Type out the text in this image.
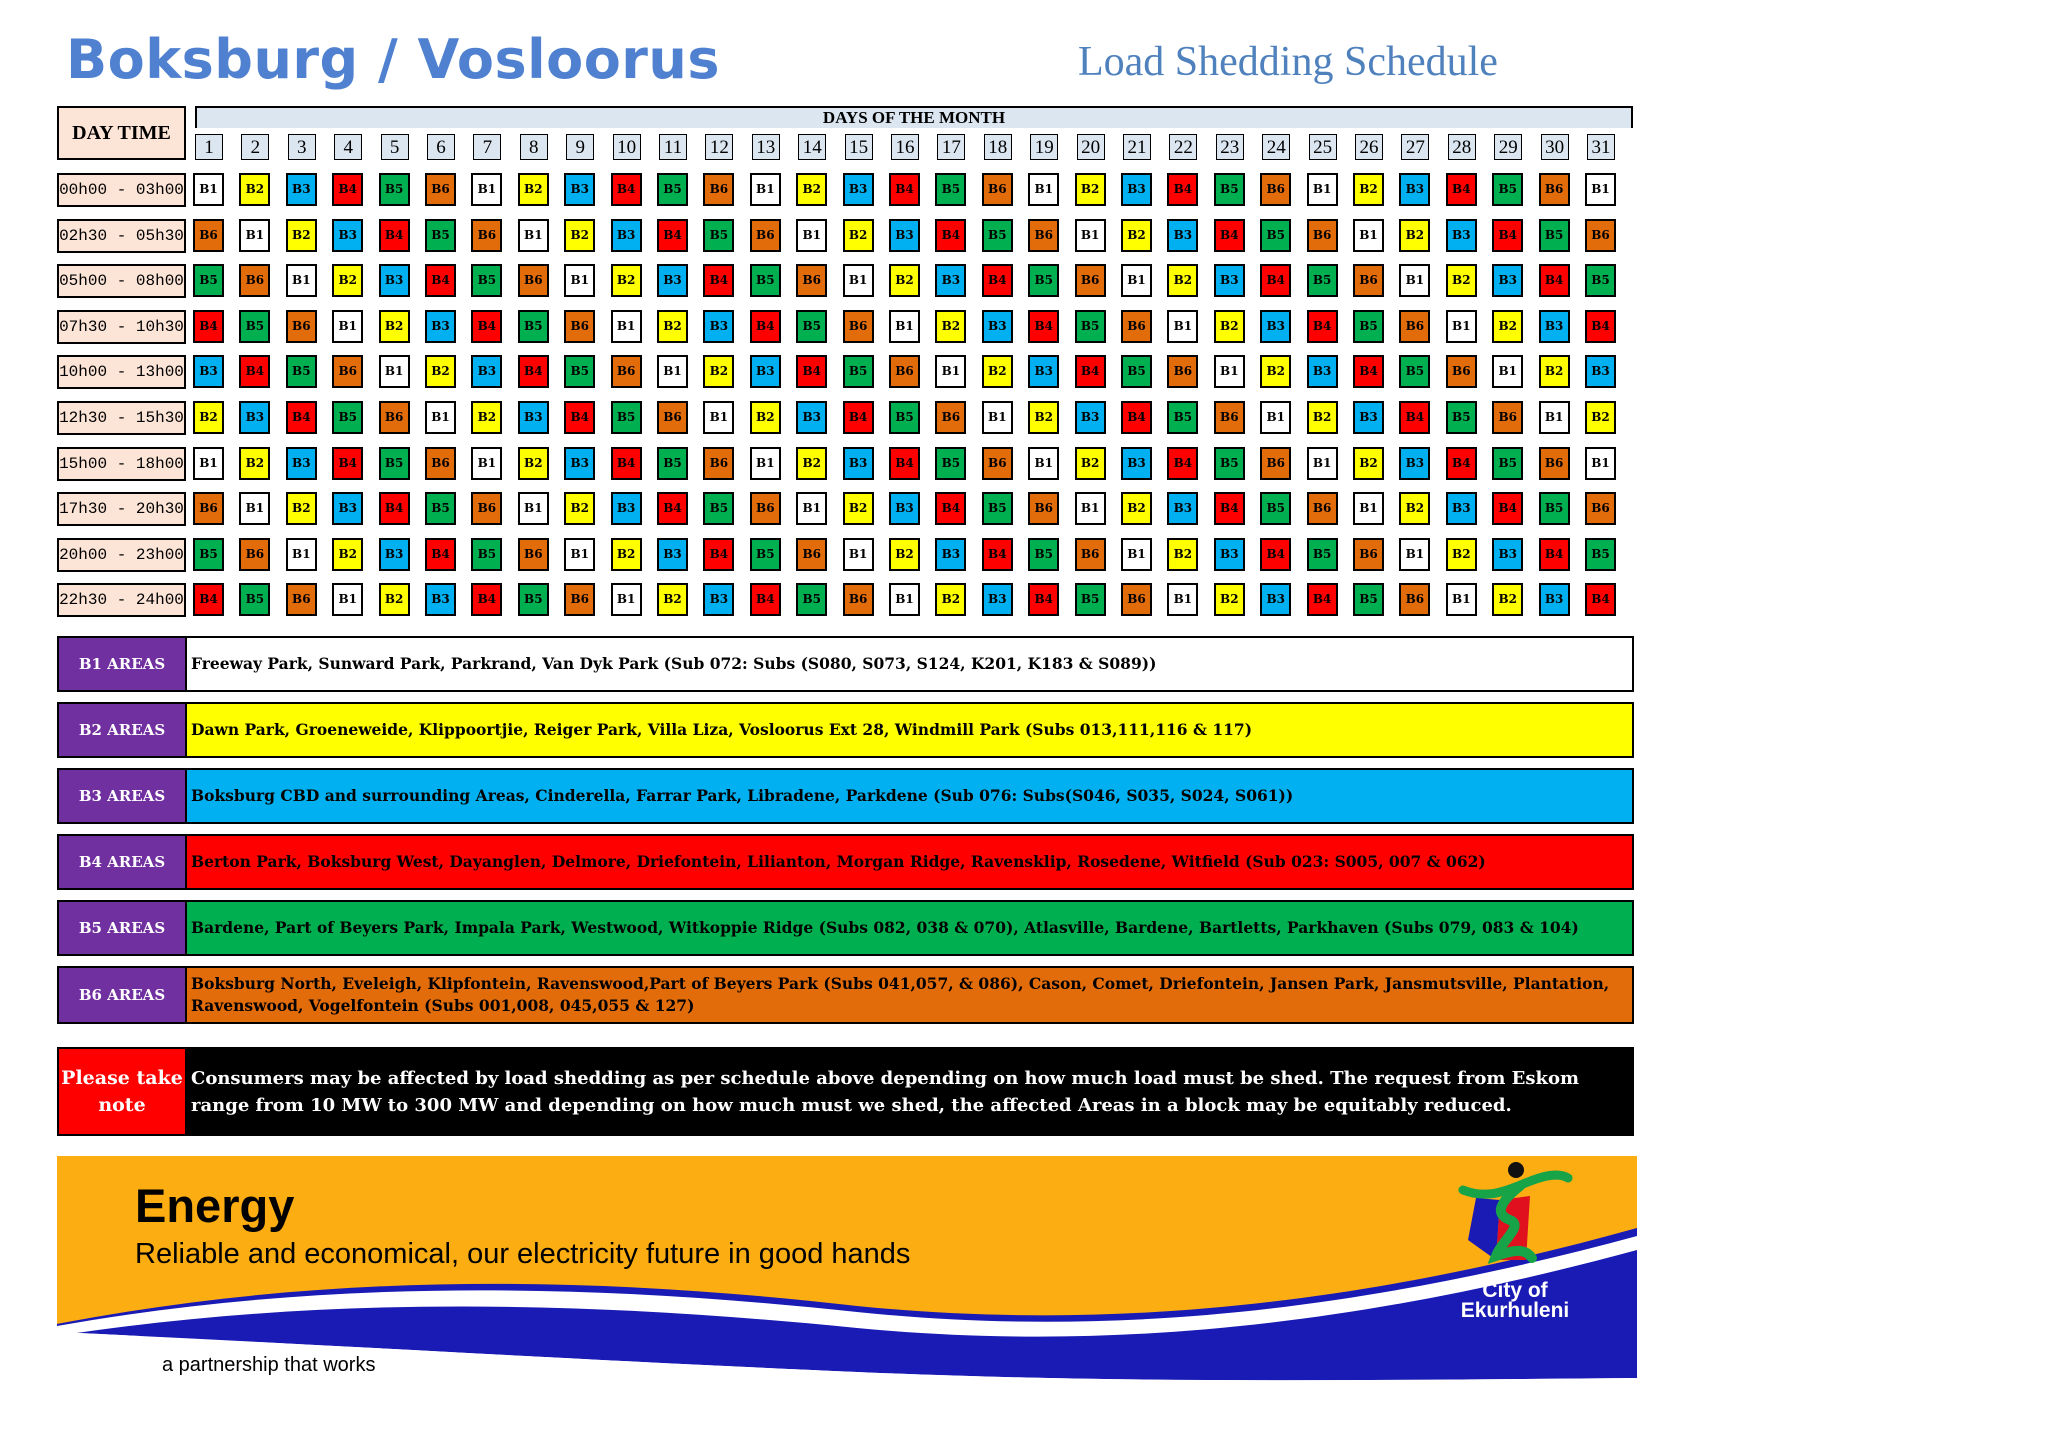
Boksburg / Vosloorus	Load Shedding Schedule
DAY TIME
DAYS OF THE MONTH
1	2	3	4	5	6	7	8	9	10 11 12 13 14 15 16 17 18 19 20 21 22 23 24 25 26 27 28 29 30 31
00h00 - 03h00	B1	B2	B3	B4	B5	B6	B1	B2	B3	B4	B5	B6	B1	B2	B3	B4	B5	B6	B1	B2	B3	B4	B5	B6	B1	B2	B3	B4	B5	B6	B1
02h30 - 05h30	B6	B1	B2	B3	B4	B5	B6	B1	B2	B3	B4	B5	B6	B1	B2	B3	B4	B5	B6	B1	B2	B3	B4	B5	B6	B1	B2	B3	B4	B5	B6
05h00 - 08h00	B5	B6	B1	B2	B3	B4	B5	B6	B1	B2	B3	B4	B5	B6	B1	B2	B3	B4	B5	B6	B1	B2	B3	B4	B5	B6	B1	B2	B3	B4	B5
07h30 - 10h30	B4	B5	B6	B1	B2	B3	B4	B5	B6	B1	B2	B3	B4	B5	B6	B1	B2	B3	B4	B5	B6	B1	B2	B3	B4	B5	B6	B1	B2	B3	B4
10h00 - 13h00	B3	B4	B5	B6	B1	B2	B3	B4	B5	B6	B1	B2	B3	B4	B5	B6	B1	B2	B3	B4	B5	B6	B1	B2	B3	B4	B5	B6	B1	B2	B3
12h30 - 15h30	B2	B3	B4	B5	B6	B1	B2	B3	B4	B5	B6	B1	B2	B3	B4	B5	B6	B1	B2	B3	B4	B5	B6	B1	B2	B3	B4	B5	B6	B1	B2
15h00 - 18h00	B1	B2	B3	B4	B5	B6	B1	B2	B3	B4	B5	B6	B1	B2	B3	B4	B5	B6	B1	B2	B3	B4	B5	B6	B1	B2	B3	B4	B5	B6	B1
17h30 - 20h30	B6	B1	B2	B3	B4	B5	B6	B1	B2	B3	B4	B5	B6	B1	B2	B3	B4	B5	B6	B1	B2	B3	B4	B5	B6	B1	B2	B3	B4	B5	B6
20h00 - 23h00	B5	B6	B1	B2	B3	B4	B5	B6	B1	B2	B3	B4	B5	B6	B1	B2	B3	B4	B5	B6	B1	B2	B3	B4	B5	B6	B1	B2	B3	B4	B5
22h30 - 24h00	B4	B5	B6	B1	B2	B3	B4	B5	B6	B1	B2	B3	B4	B5	B6	B1	B2	B3	B4	B5	B6	B1	B2	B3	B4	B5	B6	B1	B2	B3	B4
B1 AREAS	Freeway Park, Sunward Park, Parkrand, Van Dyk Park (Sub 072: Subs (S080, S073, S124, K201, K183 & S089))
B2 AREAS	Dawn Park, Groeneweide, Klippoortjie, Reiger Park, Villa Liza, Vosloorus Ext 28, Windmill Park (Subs 013,111,116 & 117)
B3 AREAS	Boksburg CBD and surrounding Areas, Cinderella, Farrar Park, Libradene, Parkdene (Sub 076: Subs(S046, S035, S024, S061))
B4 AREAS	Berton Park, Boksburg West, Dayanglen, Delmore, Driefontein, Lilianton, Morgan Ridge, Ravensklip, Rosedene, Witfield (Sub 023: S005, 007 & 062)
B5 AREAS	Bardene, Part of Beyers Park, Impala Park, Westwood, Witkoppie Ridge (Subs 082, 038 & 070), Atlasville, Bardene, Bartletts, Parkhaven (Subs 079, 083 & 104)
B6 AREAS
Boksburg North, Eveleigh, Klipfontein, Ravenswood,Part of Beyers Park (Subs 041,057, & 086), Cason, Comet, Driefontein, Jansen Park, Jansmutsville, Plantation, Ravenswood, Vogelfontein (Subs 001,008, 045,055 & 127)
Please take note
Consumers may be affected by load shedding as per schedule above depending on how much load must be shed. The request from Eskom range from 10 MW to 300 MW and depending on how much must we shed, the affected Areas in a block may be equitably reduced.
Energy
Reliable and economical, our electricity future in good hands
a partnership that works
City of
Ekurhuleni
